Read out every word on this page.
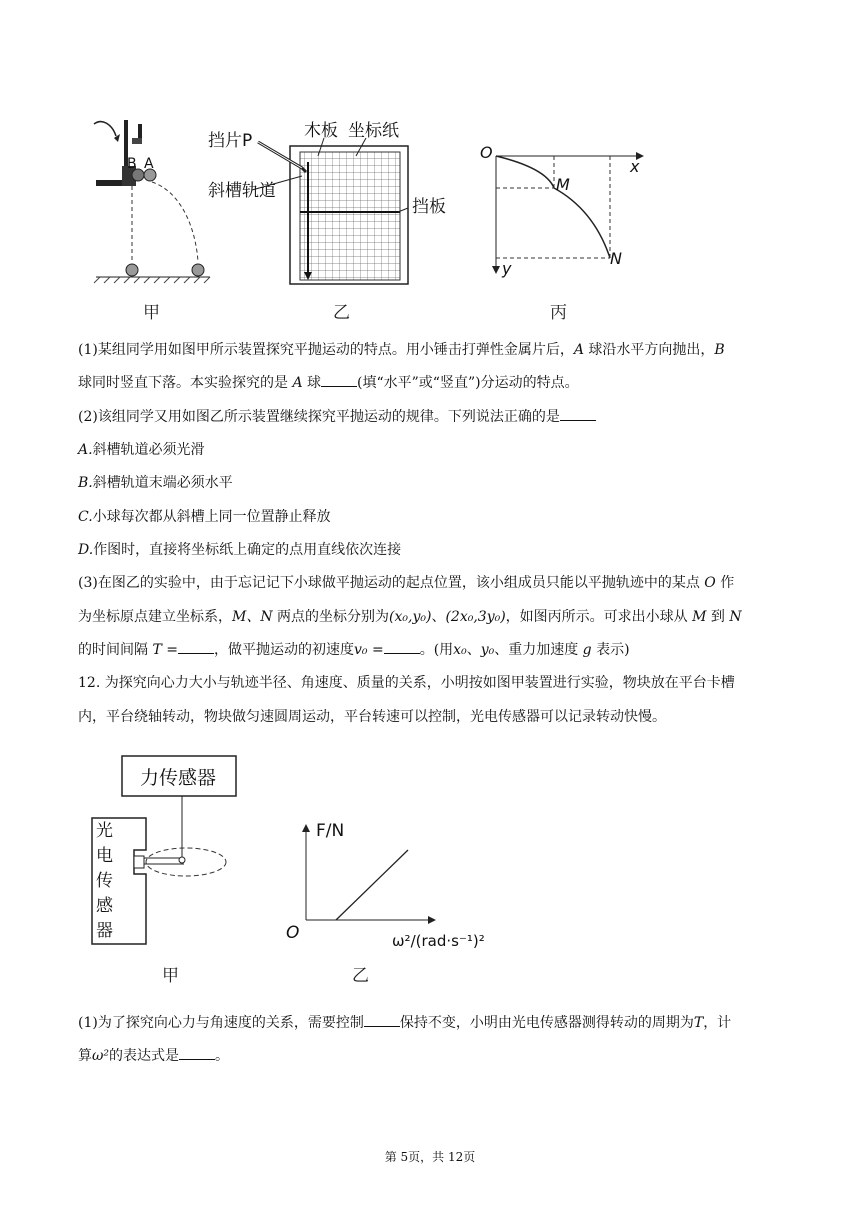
B A
甲
挡片P	木板 坐标纸
斜槽轨道
挡板
乙
O
x
M
N
y
丙
(1)某组同学用如图甲所示装置探究平抛运动的特点。用小锤击打弹性金属片后，A 球沿水平方向抛出，B
球同时竖直下落。本实验探究的是 A 球	(填“水平”或“竖直”)分运动的特点。
(2)该组同学又用如图乙所示装置继续探究平抛运动的规律。下列说法正确的是
A.斜槽轨道必须光滑
B.斜槽轨道末端必须水平
C.小球每次都从斜槽上同一位置静止释放
D.作图时，直接将坐标纸上确定的点用直线依次连接
(3)在图乙的实验中，由于忘记记下小球做平抛运动的起点位置，该小组成员只能以平抛轨迹中的某点 O 作
为坐标原点建立坐标系，M、N 两点的坐标分别为(x₀,y₀)、(2x₀,3y₀)，如图丙所示。可求出小球从 M 到 N
的时间间隔 T =	，做平抛运动的初速度v₀ =	。(用x₀、y₀、重力加速度 g 表示)
12. 为探究向心力大小与轨迹半径、角速度、质量的关系，小明按如图甲装置进行实验，物块放在平台卡槽
内，平台绕轴转动，物块做匀速圆周运动，平台转速可以控制，光电传感器可以记录转动快慢。
力传感器
光
电
传
感
器
甲
F/N
O	ω²/(rad·s⁻¹)²
乙
(1)为了探究向心力与角速度的关系，需要控制	保持不变，小明由光电传感器测得转动的周期为T，计
算ω²的表达式是	。
第 5页，共 12页
